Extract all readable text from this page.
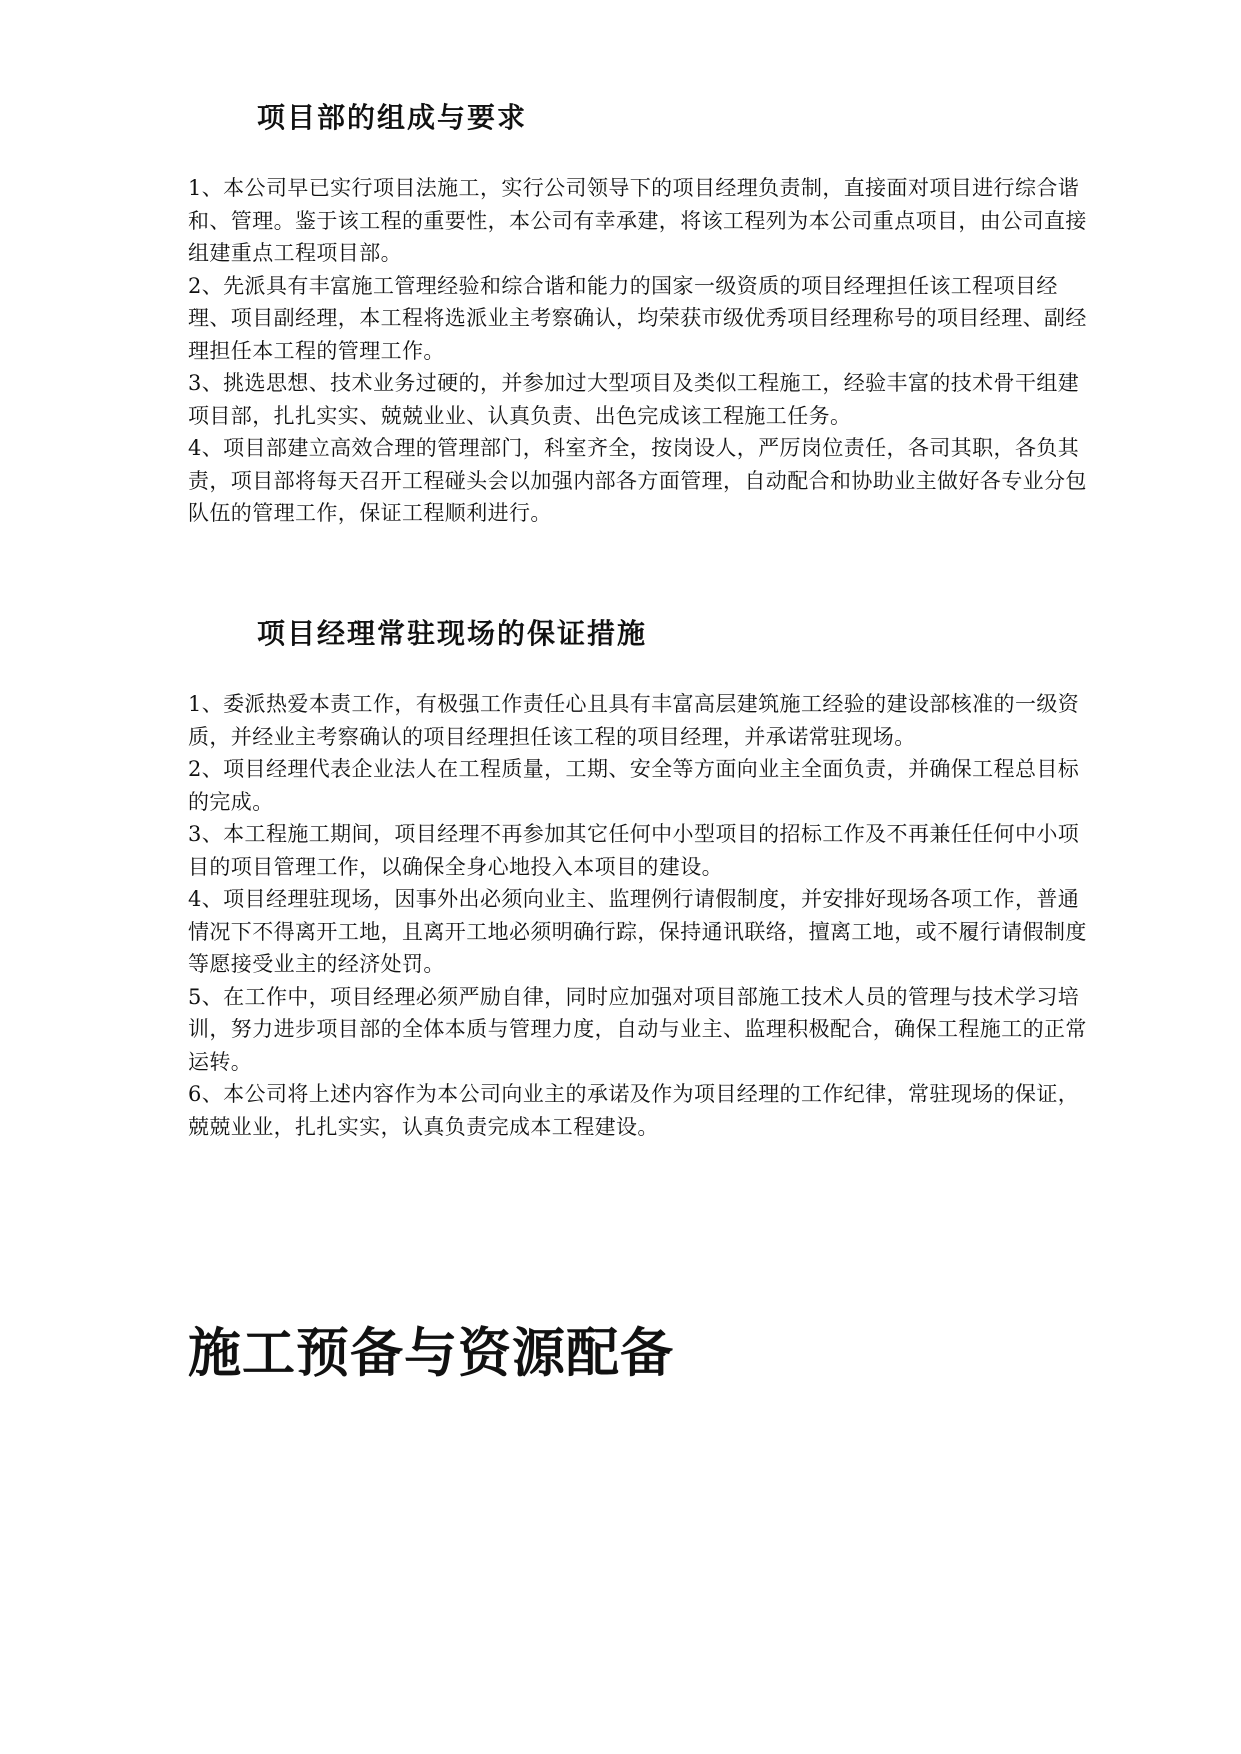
项目部的组成与要求

1、本公司早已实行项目法施工，实行公司领导下的项目经理负责制，直接面对项目进行综合谐和、管理。鉴于该工程的重要性，本公司有幸承建，将该工程列为本公司重点项目，由公司直接组建重点工程项目部。

2、先派具有丰富施工管理经验和综合谐和能力的国家一级资质的项目经理担任该工程项目经理、项目副经理，本工程将选派业主考察确认，均荣获市级优秀项目经理称号的项目经理、副经理担任本工程的管理工作。

3、挑选思想、技术业务过硬的，并参加过大型项目及类似工程施工，经验丰富的技术骨干组建项目部，扎扎实实、兢兢业业、认真负责、出色完成该工程施工任务。

4、项目部建立高效合理的管理部门，科室齐全，按岗设人，严厉岗位责任，各司其职，各负其责，项目部将每天召开工程碰头会以加强内部各方面管理，自动配合和协助业主做好各专业分包队伍的管理工作，保证工程顺利进行。

项目经理常驻现场的保证措施

1、委派热爱本责工作，有极强工作责任心且具有丰富高层建筑施工经验的建设部核准的一级资质，并经业主考察确认的项目经理担任该工程的项目经理，并承诺常驻现场。

2、项目经理代表企业法人在工程质量，工期、安全等方面向业主全面负责，并确保工程总目标的完成。

3、本工程施工期间，项目经理不再参加其它任何中小型项目的招标工作及不再兼任任何中小项目的项目管理工作，以确保全身心地投入本项目的建设。

4、项目经理驻现场，因事外出必须向业主、监理例行请假制度，并安排好现场各项工作，普通情况下不得离开工地，且离开工地必须明确行踪，保持通讯联络，擅离工地，或不履行请假制度等愿接受业主的经济处罚。

5、在工作中，项目经理必须严励自律，同时应加强对项目部施工技术人员的管理与技术学习培训，努力进步项目部的全体本质与管理力度，自动与业主、监理积极配合，确保工程施工的正常运转。

6、本公司将上述内容作为本公司向业主的承诺及作为项目经理的工作纪律，常驻现场的保证，兢兢业业，扎扎实实，认真负责完成本工程建设。

施工预备与资源配备
